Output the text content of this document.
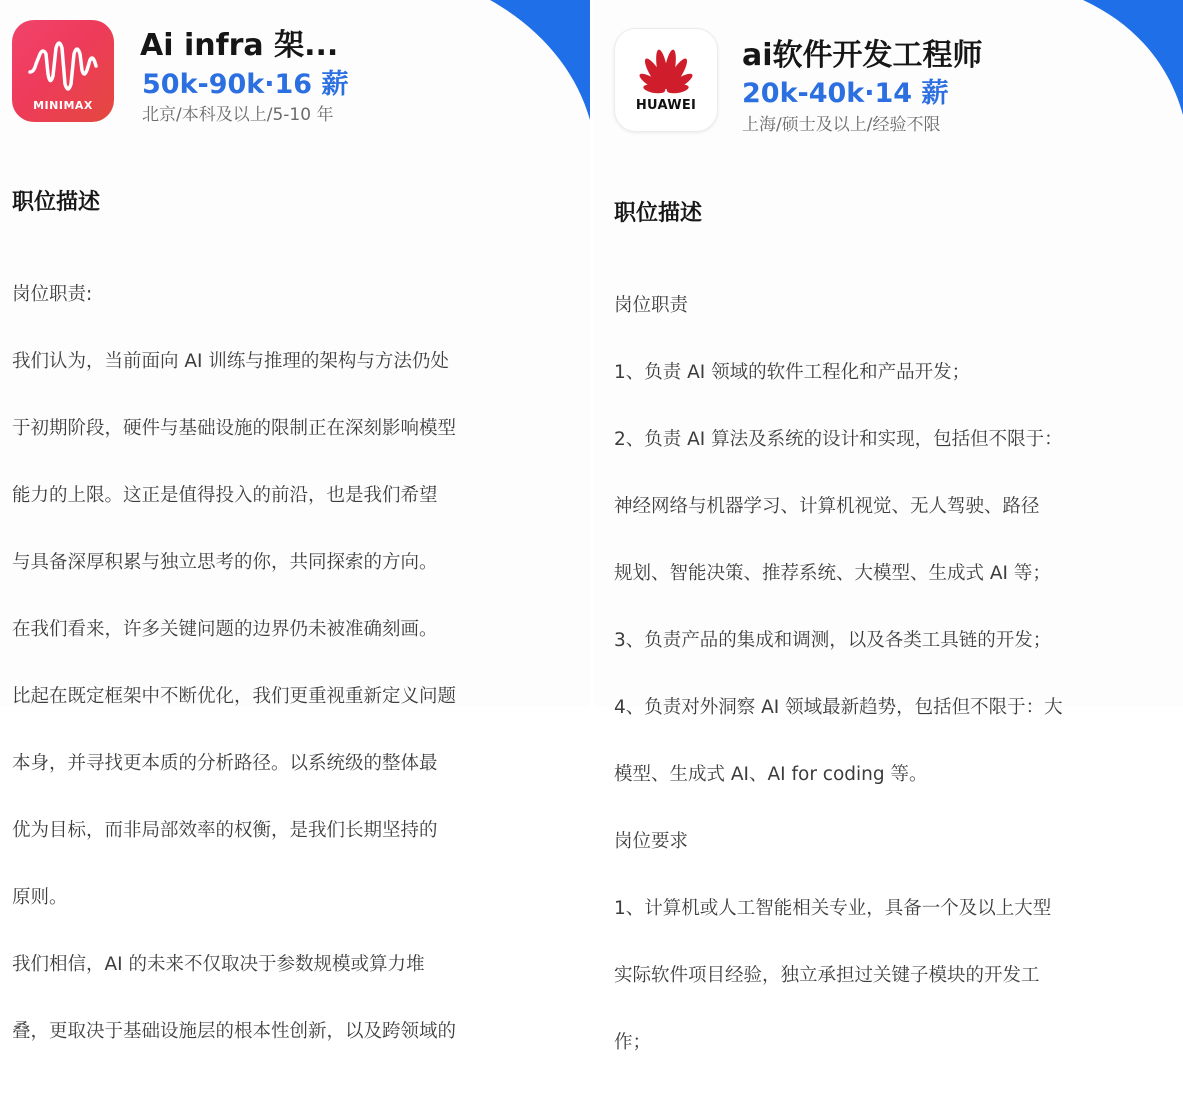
MINIMAX
Ai infra 架...
50k-90k·16 薪
北京/本科及以上/5-10 年
职位描述

岗位职责:

我们认为，当前面向 AI 训练与推理的架构与方法仍处

于初期阶段，硬件与基础设施的限制正在深刻影响模型

能力的上限。这正是值得投入的前沿，也是我们希望

与具备深厚积累与独立思考的你，共同探索的方向。

在我们看来，许多关键问题的边界仍未被准确刻画。

比起在既定框架中不断优化，我们更重视重新定义问题

本身，并寻找更本质的分析路径。以系统级的整体最

优为目标，而非局部效率的权衡，是我们长期坚持的

原则。

我们相信，AI 的未来不仅取决于参数规模或算力堆

叠，更取决于基础设施层的根本性创新，以及跨领域的

HUAWEI
ai软件开发工程师
20k-40k·14 薪
上海/硕士及以上/经验不限
职位描述

岗位职责

1、负责 AI 领域的软件工程化和产品开发；

2、负责 AI 算法及系统的设计和实现，包括但不限于：

神经网络与机器学习、计算机视觉、无人驾驶、路径

规划、智能决策、推荐系统、大模型、生成式 AI 等；

3、负责产品的集成和调测，以及各类工具链的开发；

4、负责对外洞察 AI 领域最新趋势，包括但不限于：大

模型、生成式 AI、AI for coding 等。

岗位要求

1、计算机或人工智能相关专业，具备一个及以上大型

实际软件项目经验，独立承担过关键子模块的开发工

作；
